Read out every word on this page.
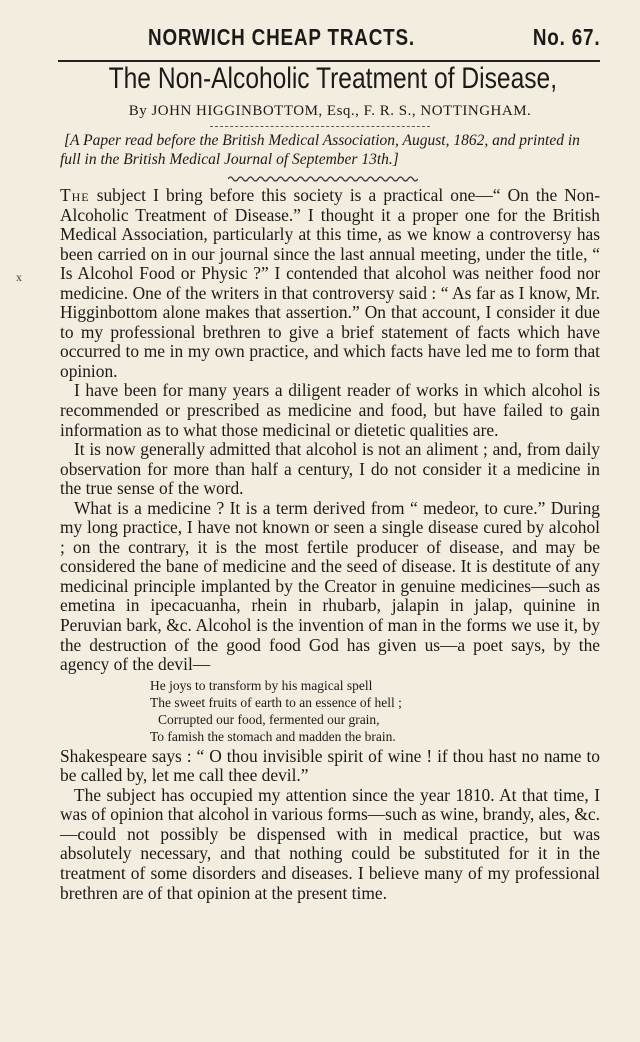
NORWICH CHEAP TRACTS.	No. 67.
The Non-Alcoholic Treatment of Disease,
By JOHN HIGGINBOTTOM, Esq., F. R. S., NOTTINGHAM.
[A Paper read before the British Medical Association, August, 1862, and printed in full in the British Medical Journal of September 13th.]
x

The subject I bring before this society is a practical one—“ On the Non-Alcoholic Treatment of Disease.” I thought it a proper one for the British Medical Association, particularly at this time, as we know a controversy has been carried on in our journal since the last annual meeting, under the title, “ Is Alcohol Food or Physic ?” I contended that alcohol was neither food nor medicine. One of the writers in that controversy said : “ As far as I know, Mr. Higginbottom alone makes that assertion.” On that account, I consider it due to my professional brethren to give a brief statement of facts which have occurred to me in my own practice, and which facts have led me to form that opinion.

I have been for many years a diligent reader of works in which alcohol is recommended or prescribed as medicine and food, but have failed to gain information as to what those medicinal or dietetic qualities are.

It is now generally admitted that alcohol is not an aliment ; and, from daily observation for more than half a century, I do not consider it a medicine in the true sense of the word.

What is a medicine ? It is a term derived from “ medeor, to cure.” During my long practice, I have not known or seen a single disease cured by alcohol ; on the contrary, it is the most fertile producer of disease, and may be considered the bane of medicine and the seed of disease. It is destitute of any medicinal principle implanted by the Creator in genuine medicines—such as emetina in ipecacuanha, rhein in rhubarb, jalapin in jalap, quinine in Peruvian bark, &c. Alcohol is the invention of man in the forms we use it, by the destruction of the good food God has given us—a poet says, by the agency of the devil—

He joys to transform by his magical spell
The sweet fruits of earth to an essence of hell ;
Corrupted our food, fermented our grain,
To famish the stomach and madden the brain.

Shakespeare says : “ O thou invisible spirit of wine ! if thou hast no name to be called by, let me call thee devil.”

The subject has occupied my attention since the year 1810. At that time, I was of opinion that alcohol in various forms—such as wine, brandy, ales, &c.—could not possibly be dispensed with in medical practice, but was absolutely necessary, and that nothing could be substituted for it in the treatment of some disorders and diseases. I believe many of my professional brethren are of that opinion at the present time.
